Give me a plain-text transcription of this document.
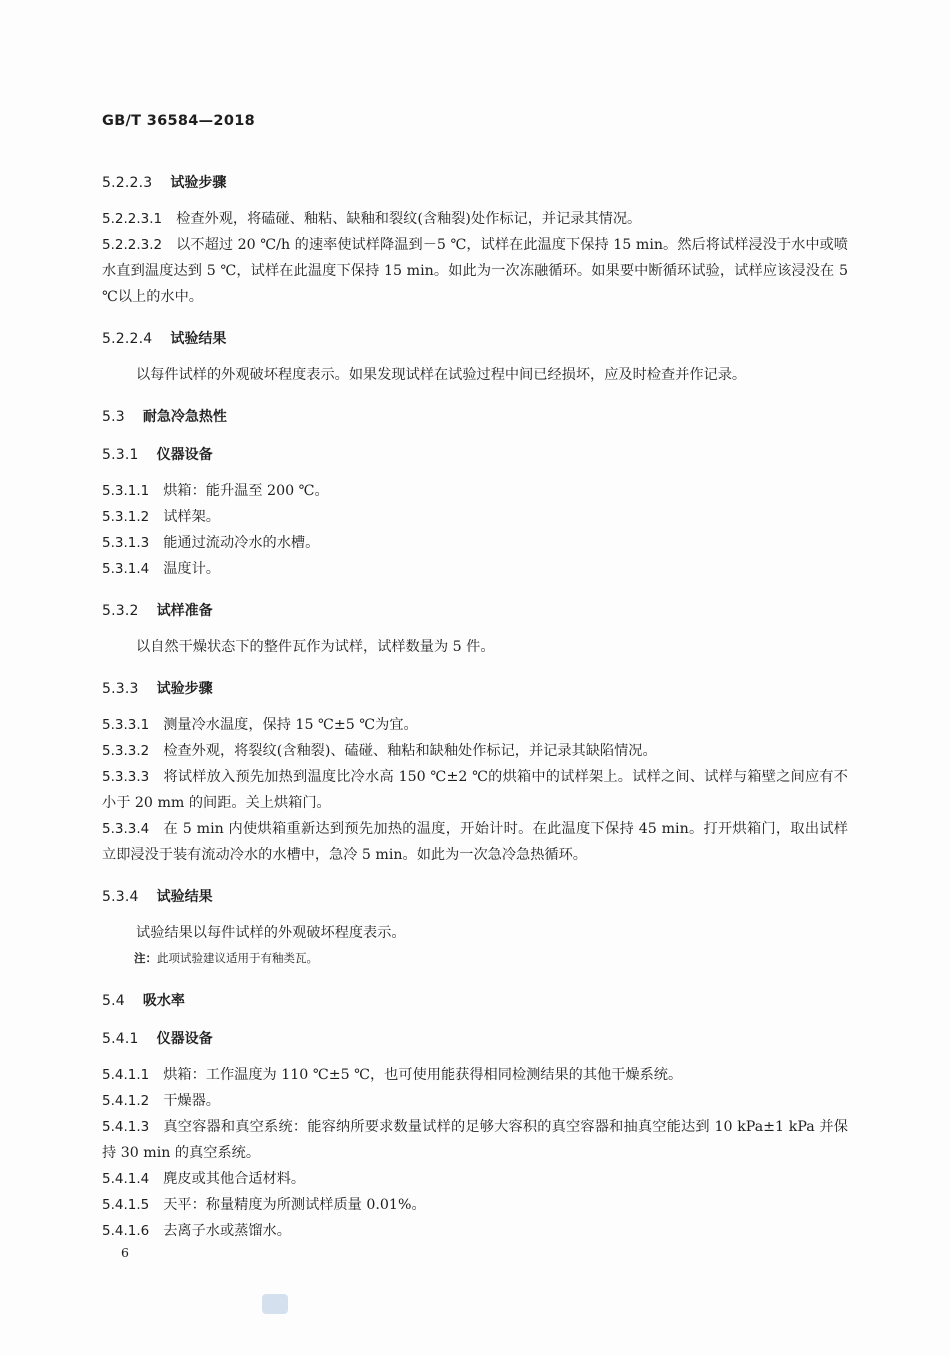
GB/T 36584—2018
5.2.2.3 试验步骤
5.2.2.3.1 检查外观，将磕碰、釉粘、缺釉和裂纹(含釉裂)处作标记，并记录其情况。
5.2.2.3.2 以不超过 20 ℃/h 的速率使试样降温到－5 ℃，试样在此温度下保持 15 min。然后将试样浸没于水中或喷水直到温度达到 5 ℃，试样在此温度下保持 15 min。如此为一次冻融循环。如果要中断循环试验，试样应该浸没在 5 ℃以上的水中。
5.2.2.4 试验结果
以每件试样的外观破坏程度表示。如果发现试样在试验过程中间已经损坏，应及时检查并作记录。
5.3 耐急冷急热性
5.3.1 仪器设备
5.3.1.1 烘箱：能升温至 200 ℃。
5.3.1.2 试样架。
5.3.1.3 能通过流动冷水的水槽。
5.3.1.4 温度计。
5.3.2 试样准备
以自然干燥状态下的整件瓦作为试样，试样数量为 5 件。
5.3.3 试验步骤
5.3.3.1 测量冷水温度，保持 15 ℃±5 ℃为宜。
5.3.3.2 检查外观，将裂纹(含釉裂)、磕碰、釉粘和缺釉处作标记，并记录其缺陷情况。
5.3.3.3 将试样放入预先加热到温度比冷水高 150 ℃±2 ℃的烘箱中的试样架上。试样之间、试样与箱壁之间应有不小于 20 mm 的间距。关上烘箱门。
5.3.3.4 在 5 min 内使烘箱重新达到预先加热的温度，开始计时。在此温度下保持 45 min。打开烘箱门，取出试样立即浸没于装有流动冷水的水槽中，急冷 5 min。如此为一次急冷急热循环。
5.3.4 试验结果
试验结果以每件试样的外观破坏程度表示。
注：此项试验建议适用于有釉类瓦。
5.4 吸水率
5.4.1 仪器设备
5.4.1.1 烘箱：工作温度为 110 ℃±5 ℃，也可使用能获得相同检测结果的其他干燥系统。
5.4.1.2 干燥器。
5.4.1.3 真空容器和真空系统：能容纳所要求数量试样的足够大容积的真空容器和抽真空能达到 10 kPa±1 kPa 并保持 30 min 的真空系统。
5.4.1.4 麂皮或其他合适材料。
5.4.1.5 天平：称量精度为所测试样质量 0.01%。
5.4.1.6 去离子水或蒸馏水。
6
